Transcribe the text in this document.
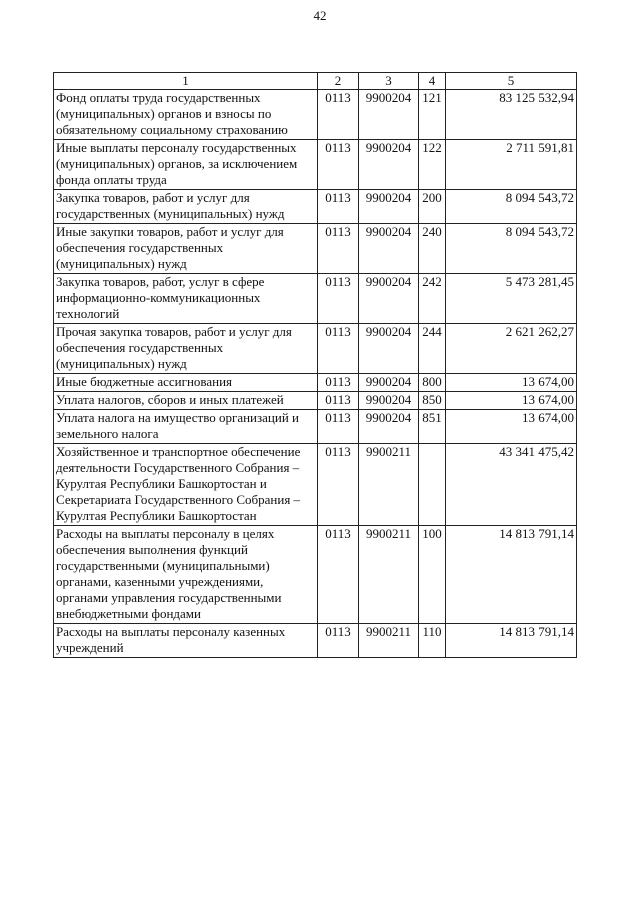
42
1	2	3	4	5
Фонд оплаты труда государственных (муниципальных) органов и взносы по обязательному социальному страхованию	0113	9900204	121	83 125 532,94
Иные выплаты персоналу государственных (муниципальных) органов, за исключением фонда оплаты труда	0113	9900204	122	2 711 591,81
Закупка товаров, работ и услуг для государственных (муниципальных) нужд	0113	9900204	200	8 094 543,72
Иные закупки товаров, работ и услуг для обеспечения государственных (муниципальных) нужд	0113	9900204	240	8 094 543,72
Закупка товаров, работ, услуг в сфере информационно-коммуникационных технологий	0113	9900204	242	5 473 281,45
Прочая закупка товаров, работ и услуг для обеспечения государственных (муниципальных) нужд	0113	9900204	244	2 621 262,27
Иные бюджетные ассигнования	0113	9900204	800	13 674,00
Уплата налогов, сборов и иных платежей	0113	9900204	850	13 674,00
Уплата налога на имущество организаций и земельного налога	0113	9900204	851	13 674,00
Хозяйственное и транспортное обеспечение деятельности Государственного Собрания – Курултая Республики Башкортостан и Секретариата Государственного Собрания – Курултая Республики Башкортостан	0113	9900211		43 341 475,42
Расходы на выплаты персоналу в целях обеспечения выполнения функций государственными (муниципальными) органами, казенными учреждениями, органами управления государственными внебюджетными фондами	0113	9900211	100	14 813 791,14
Расходы на выплаты персоналу казенных учреждений	0113	9900211	110	14 813 791,14
